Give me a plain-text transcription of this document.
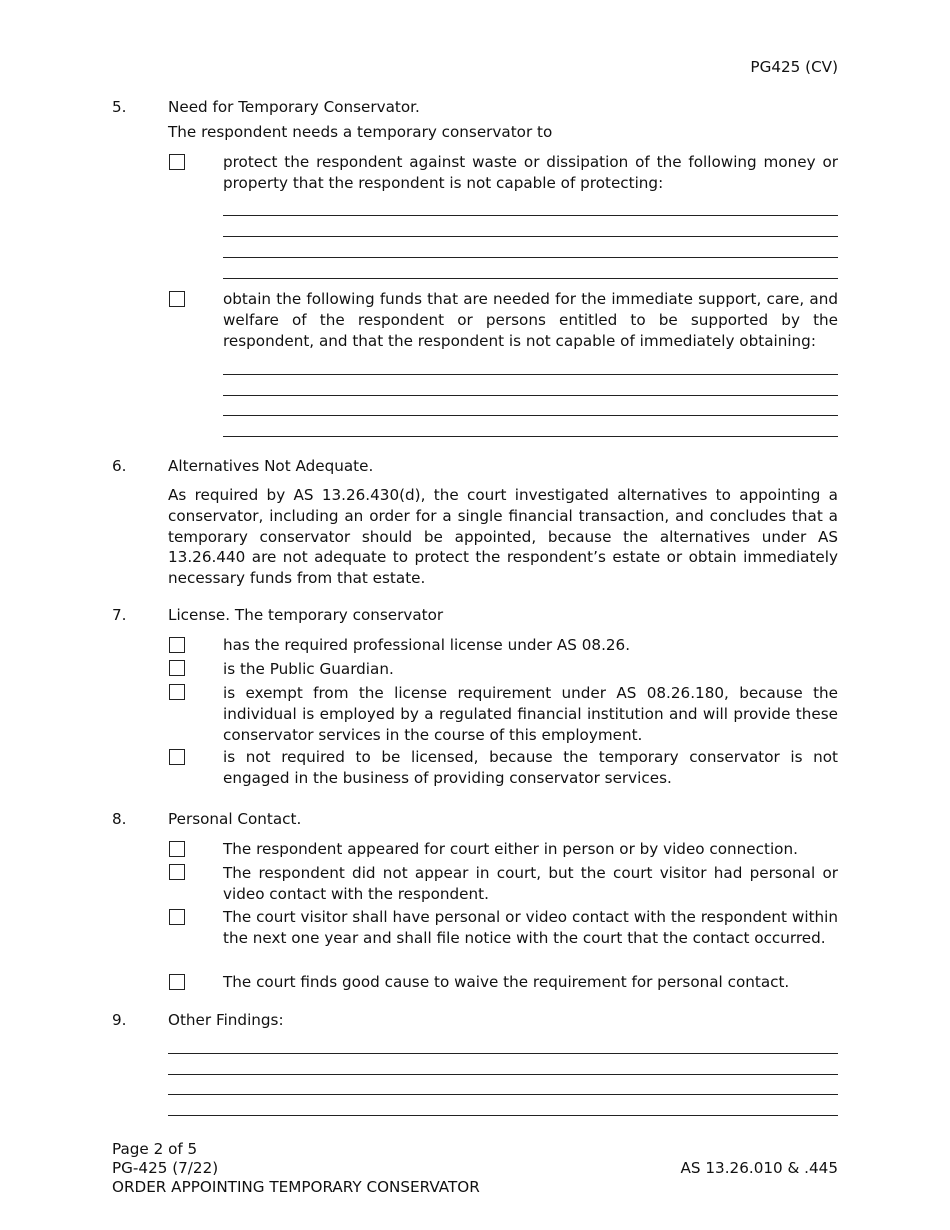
PG425 (CV)
5.	Need for Temporary Conservator.
The respondent needs a temporary conservator to
protect the respondent against waste or dissipation of the following money or property that the respondent is not capable of protecting:
obtain the following funds that are needed for the immediate support, care, and welfare of the respondent or persons entitled to be supported by the respondent, and that the respondent is not capable of immediately obtaining:
6.	Alternatives Not Adequate.
As required by AS 13.26.430(d), the court investigated alternatives to appointing a conservator, including an order for a single financial transaction, and concludes that a temporary conservator should be appointed, because the alternatives under AS 13.26.440 are not adequate to protect the respondent’s estate or obtain immediately necessary funds from that estate.
7.	License. The temporary conservator
has the required professional license under AS 08.26.
is the Public Guardian.
is exempt from the license requirement under AS 08.26.180, because the individual is employed by a regulated financial institution and will provide these conservator services in the course of this employment.
is not required to be licensed, because the temporary conservator is not engaged in the business of providing conservator services.
8.	Personal Contact.
The respondent appeared for court either in person or by video connection.
The respondent did not appear in court, but the court visitor had personal or video contact with the respondent.
The court visitor shall have personal or video contact with the respondent within the next one year and shall file notice with the court that the contact occurred.
The court finds good cause to waive the requirement for personal contact.
9.	Other Findings:
Page 2 of 5
PG-425 (7/22)
ORDER APPOINTING TEMPORARY CONSERVATOR
AS 13.26.010 & .445
